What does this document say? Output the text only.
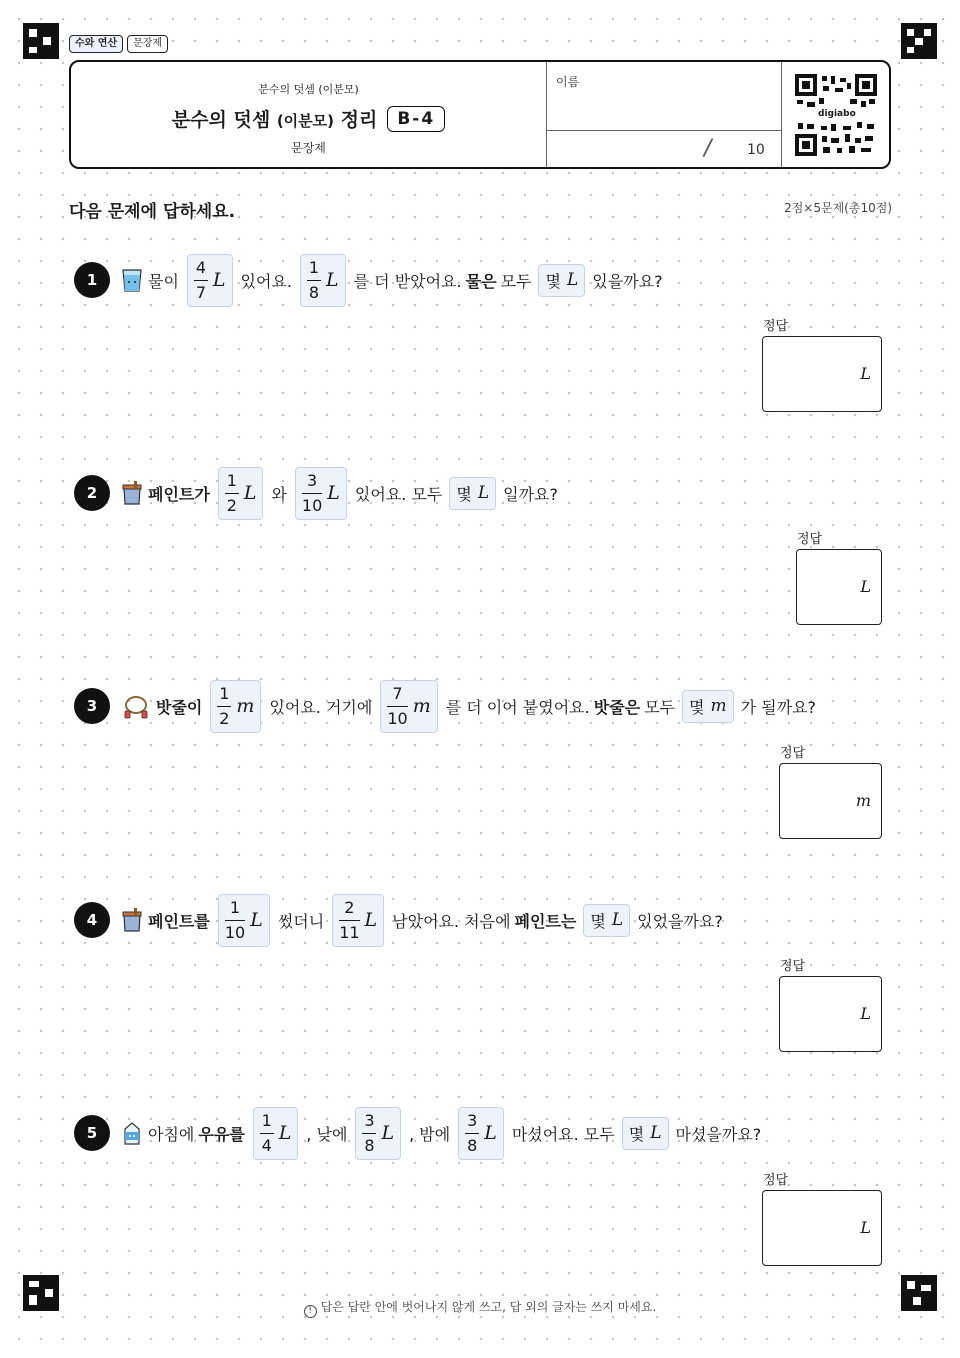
수와 연산	문장제
분수의 덧셈 (이분모)
분수의 덧셈 (이분모) 정리	B-4
문장제
이름
/	10
digiabo
다음 문제에 답하세요.	2점×5문제(총10점)
1	물이 $\frac{4}{7}$ L 있어요. $\frac{1}{8}$ L 를 더 받았어요. 물은 모두 몇 L 있을까요?
정답
L
2	페인트가 $\frac{1}{2}$ L 와 $\frac{3}{10}$ L 있어요. 모두 몇 L 일까요?
정답
L
3	밧줄이 $\frac{1}{2}$ m 있어요. 거기에 $\frac{7}{10}$ m 를 더 이어 붙였어요. 밧줄은 모두 몇 m 가 될까요?
정답
m
4	페인트를 $\frac{1}{10}$ L 썼더니 $\frac{2}{11}$ L 남았어요. 처음에 페인트는 몇 L 있었을까요?
정답
L
5	아침에 우유를 $\frac{1}{4}$ L , 낮에 $\frac{3}{8}$ L , 밤에 $\frac{3}{8}$ L 마셨어요. 모두 몇 L 마셨을까요?
정답
L
! 답은 답란 안에 벗어나지 않게 쓰고, 답 외의 글자는 쓰지 마세요.
